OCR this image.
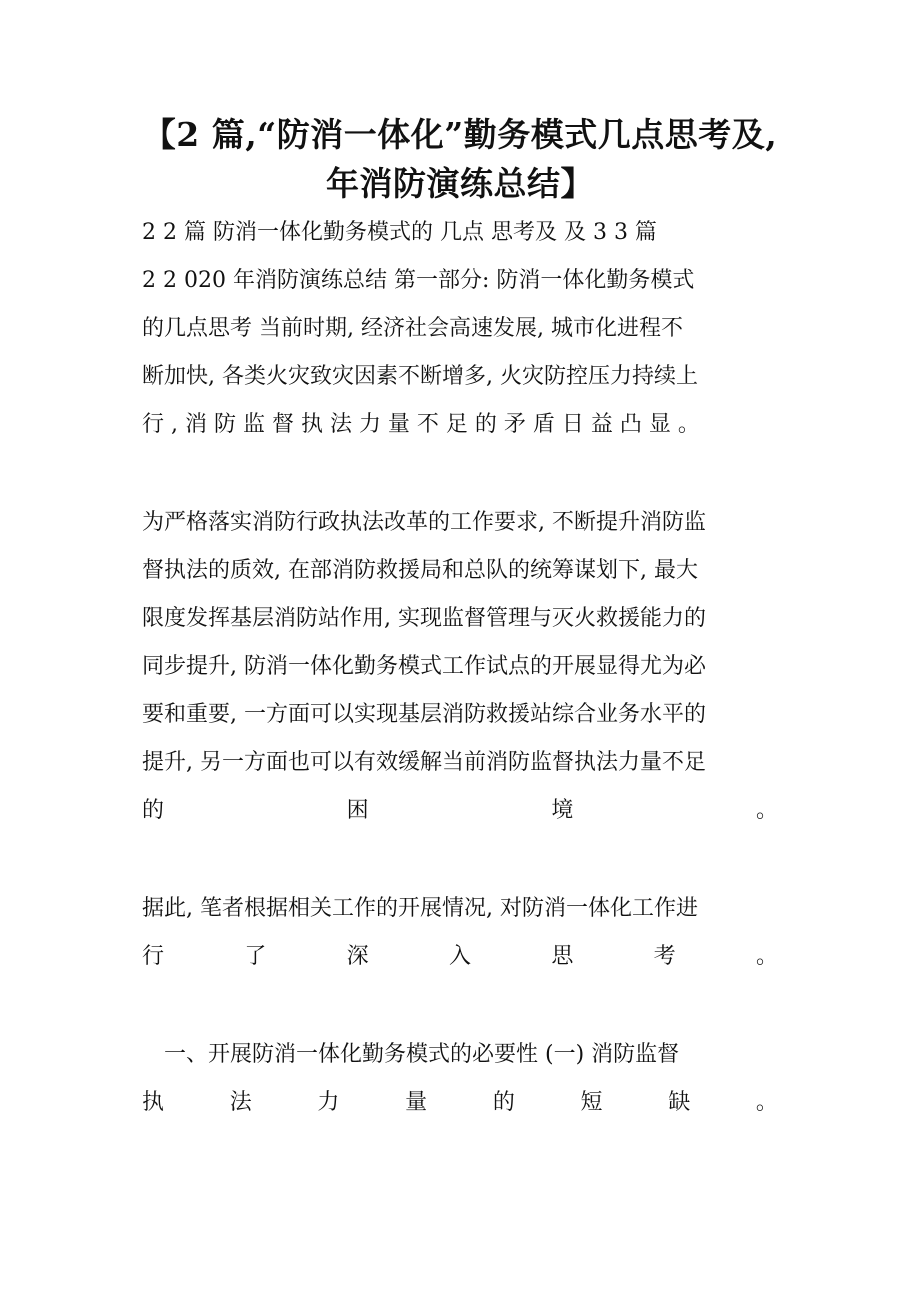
【2 篇,“防消一体化”勤务模式几点思考及,
年消防演练总结】
2 2 篇 防消一体化勤务模式的 几点 思考及 及 3 3 篇
2 2 020 年消防演练总结 第一部分: 防消一体化勤务模式
的几点思考 当前时期, 经济社会高速发展, 城市化进程不
断加快, 各类火灾致灾因素不断增多, 火灾防控压力持续上
行 , 消 防 监 督 执 法 力 量 不 足 的 矛 盾 日 益 凸 显 。
为严格落实消防行政执法改革的工作要求, 不断提升消防监
督执法的质效, 在部消防救援局和总队的统筹谋划下, 最大
限度发挥基层消防站作用, 实现监督管理与灭火救援能力的
同步提升, 防消一体化勤务模式工作试点的开展显得尤为必
要和重要, 一方面可以实现基层消防救援站综合业务水平的
提升, 另一方面也可以有效缓解当前消防监督执法力量不足
的	困	境	。
据此, 笔者根据相关工作的开展情况, 对防消一体化工作进
行	了	深	入	思	考	。
一、开展防消一体化勤务模式的必要性 (一) 消防监督
执	法	力	量	的	短	缺	。
